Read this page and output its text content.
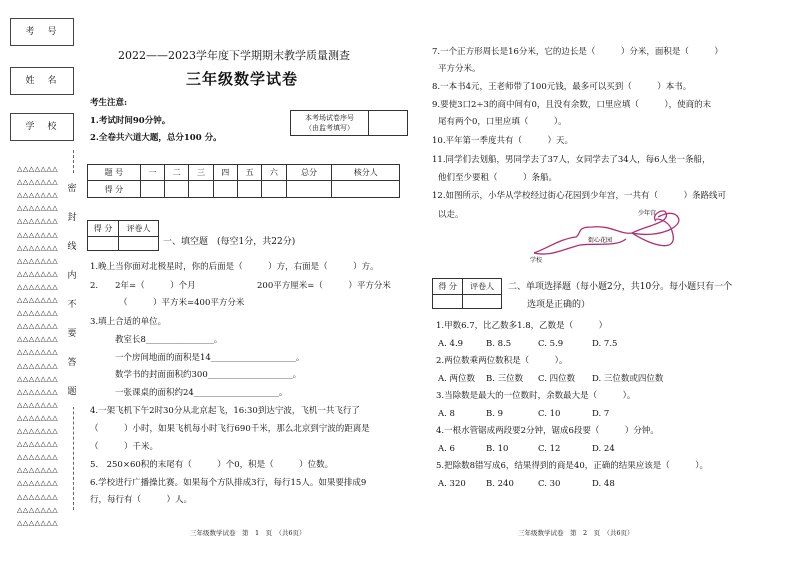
考　号
姓　名
学　校
△△△△△△△
△△△△△△△
△△△△△△△
△△△△△△△
△△△△△△△
△△△△△△△
△△△△△△△
△△△△△△△
△△△△△△△
△△△△△△△
△△△△△△△
△△△△△△△
△△△△△△△
△△△△△△△
△△△△△△△
△△△△△△△
△△△△△△△
△△△△△△△
△△△△△△△
△△△△△△△
△△△△△△△
△△△△△△△
△△△△△△△
△△△△△△△
△△△△△△△
△△△△△△△
△△△△△△△
△△△△△△△
密
封
线
内
不
要
答
题
2022——2023学年度下学期期末教学质量测查
三年级数学试卷
考生注意:
1.考试时间90分钟。
2.全卷共六道大题，总分100 分。
本考场试卷序号
（由监考填写）
题 号	一	二	三	四	五	六	总分	核分人
得 分								
得 分	评卷人

一、填空题　(每空1分，共22分)
1.晚上当你面对北极星时，你的后面是（　　　）方，右面是（　　　）方。
2.　　2年=（　　　）个月	200平方厘米=（　　　）平方分米
（　　　）平方米=400平方分米
3.填上合适的单位。
教室长8________________。
一个房间地面的面积是14____________________。
数学书的封面面积约300____________________。
一张课桌的面积约24____________________。
4.一架飞机下午2时30分从北京起飞，16:30到达宁波，飞机一共飞行了
（　　　）小时，如果飞机每小时飞行690千米，那么北京到宁波的距离是
（　　　）千米。
5.　250×60积的末尾有（　　　）个0，积是（　　　）位数。
6.学校进行广播操比赛。如果每个方队排成3行，每行15人。如果要排成9
行，每行有（　　　）人。
三年级数学试卷　第　1　页　（共6页）
7.一个正方形周长是16分米，它的边长是（　　　）分米，面积是（　　　）
平方分米。
8.一本书4元，王老师带了100元钱，最多可以买到（　　　）本书。
9.要使3口2÷3的商中间有0，且没有余数，口里应填（　　　），使商的末
尾有两个0，口里应填（　　　）。
10.平年第一季度共有（　　　）天。
11.同学们去划船，男同学去了37人，女同学去了34人，每6人坐一条船，
他们至少要租（　　　）条船。
12.如图所示，小华从学校经过街心花园到少年宫，一共有（　　　）条路线可
以走。	少年宫
街心花园
学校
得 分	评卷人
	二、单项选择题（每小题2分，共10分。每小题只有一个
选项是正确的）
1.甲数6.7，比乙数多1.8，乙数是（　　　）
A. 4.9	B. 8.5	C. 5.9	D. 7.5
2.两位数乘两位数积是（　　　）。
A. 两位数 B. 三位数 C. 四位数 D. 三位数或四位数
3.当除数是最大的一位数时，余数最大是（　　　）。
A. 8	B. 9	C. 10	D. 7
4.一根水管锯成两段要2分钟，锯成6段要（　　　）分钟。
A. 6	B. 10	C. 12	D. 24
5.把除数8错写成6，结果得到的商是40，正确的结果应该是（　　　）。
A. 320 B. 240	C. 30	D. 48
三年级数学试卷　第　2　页　（共6页）
